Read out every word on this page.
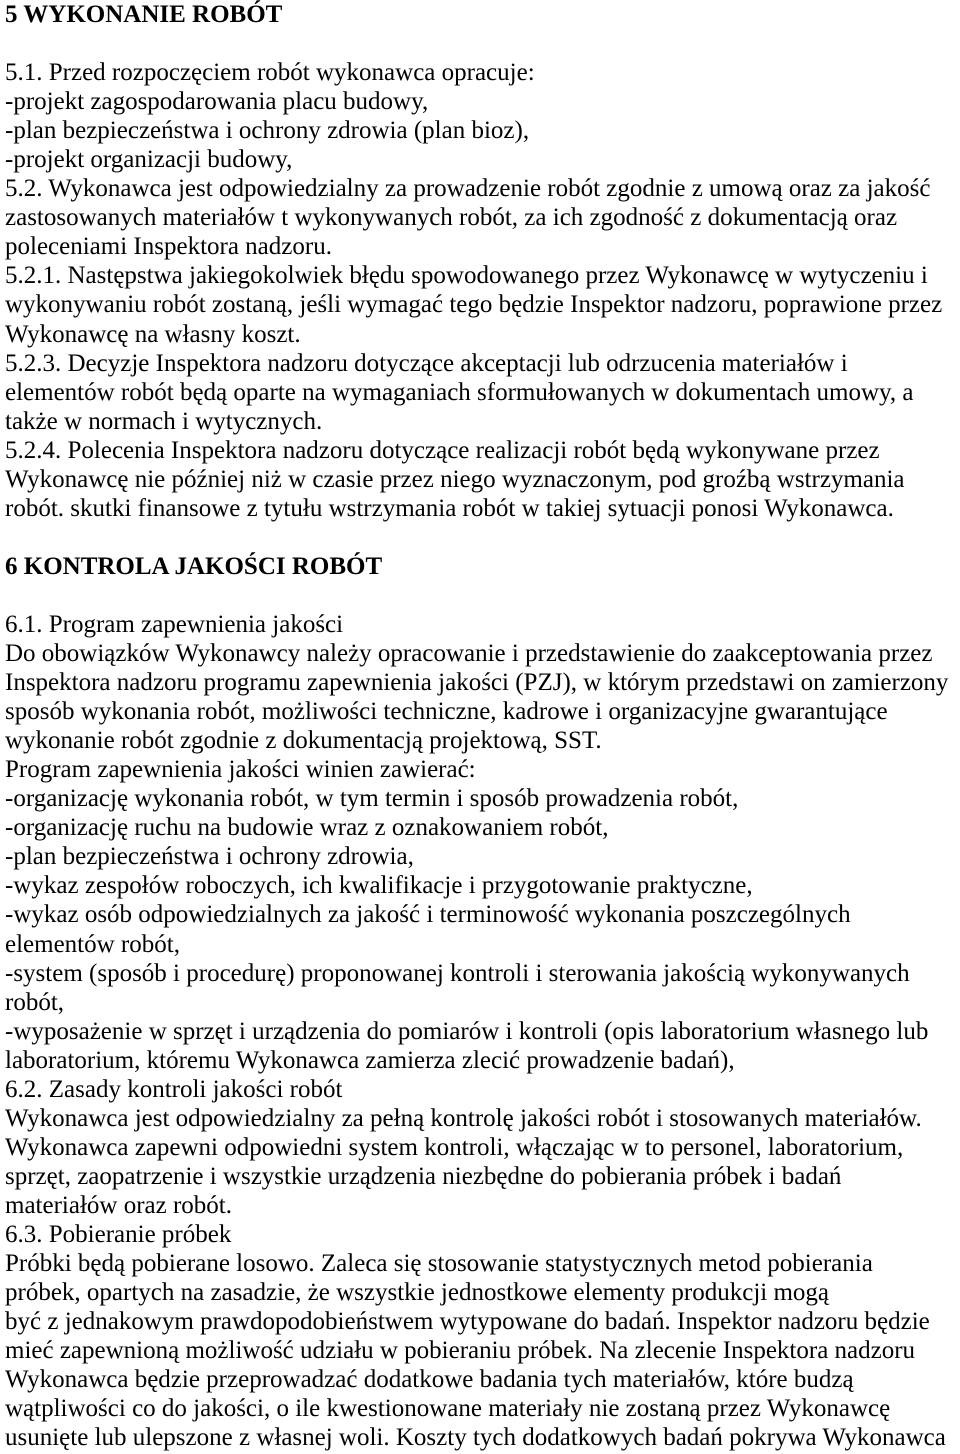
5 WYKONANIE ROBÓT
5.1. Przed rozpoczęciem robót wykonawca opracuje:
-projekt zagospodarowania placu budowy,
-plan bezpieczeństwa i ochrony zdrowia (plan bioz),
-projekt organizacji budowy,
5.2. Wykonawca jest odpowiedzialny za prowadzenie robót zgodnie z umową oraz za jakość
zastosowanych materiałów t wykonywanych robót, za ich zgodność z dokumentacją oraz
poleceniami Inspektora nadzoru.
5.2.1. Następstwa jakiegokolwiek błędu spowodowanego przez Wykonawcę w wytyczeniu i
wykonywaniu robót zostaną, jeśli wymagać tego będzie Inspektor nadzoru, poprawione przez
Wykonawcę na własny koszt.
5.2.3. Decyzje Inspektora nadzoru dotyczące akceptacji lub odrzucenia materiałów i
elementów robót będą oparte na wymaganiach sformułowanych w dokumentach umowy, a
także w normach i wytycznych.
5.2.4. Polecenia Inspektora nadzoru dotyczące realizacji robót będą wykonywane przez
Wykonawcę nie później niż w czasie przez niego wyznaczonym, pod groźbą wstrzymania
robót. skutki finansowe z tytułu wstrzymania robót w takiej sytuacji ponosi Wykonawca.
6 KONTROLA JAKOŚCI ROBÓT
6.1. Program zapewnienia jakości
Do obowiązków Wykonawcy należy opracowanie i przedstawienie do zaakceptowania przez
Inspektora nadzoru programu zapewnienia jakości (PZJ), w którym przedstawi on zamierzony
sposób wykonania robót, możliwości techniczne, kadrowe i organizacyjne gwarantujące
wykonanie robót zgodnie z dokumentacją projektową, SST.
Program zapewnienia jakości winien zawierać:
-organizację wykonania robót, w tym termin i sposób prowadzenia robót,
-organizację ruchu na budowie wraz z oznakowaniem robót,
-plan bezpieczeństwa i ochrony zdrowia,
-wykaz zespołów roboczych, ich kwalifikacje i przygotowanie praktyczne,
-wykaz osób odpowiedzialnych za jakość i terminowość wykonania poszczególnych
elementów robót,
-system (sposób i procedurę) proponowanej kontroli i sterowania jakością wykonywanych
robót,
-wyposażenie w sprzęt i urządzenia do pomiarów i kontroli (opis laboratorium własnego lub
laboratorium, któremu Wykonawca zamierza zlecić prowadzenie badań),
6.2. Zasady kontroli jakości robót
Wykonawca jest odpowiedzialny za pełną kontrolę jakości robót i stosowanych materiałów.
Wykonawca zapewni odpowiedni system kontroli, włączając w to personel, laboratorium,
sprzęt, zaopatrzenie i wszystkie urządzenia niezbędne do pobierania próbek i badań
materiałów oraz robót.
6.3. Pobieranie próbek
Próbki będą pobierane losowo. Zaleca się stosowanie statystycznych metod pobierania
próbek, opartych na zasadzie, że wszystkie jednostkowe elementy produkcji mogą
być z jednakowym prawdopodobieństwem wytypowane do badań. Inspektor nadzoru będzie
mieć zapewnioną możliwość udziału w pobieraniu próbek. Na zlecenie Inspektora nadzoru
Wykonawca będzie przeprowadzać dodatkowe badania tych materiałów, które budzą
wątpliwości co do jakości, o ile kwestionowane materiały nie zostaną przez Wykonawcę
usunięte lub ulepszone z własnej woli. Koszty tych dodatkowych badań pokrywa Wykonawca
